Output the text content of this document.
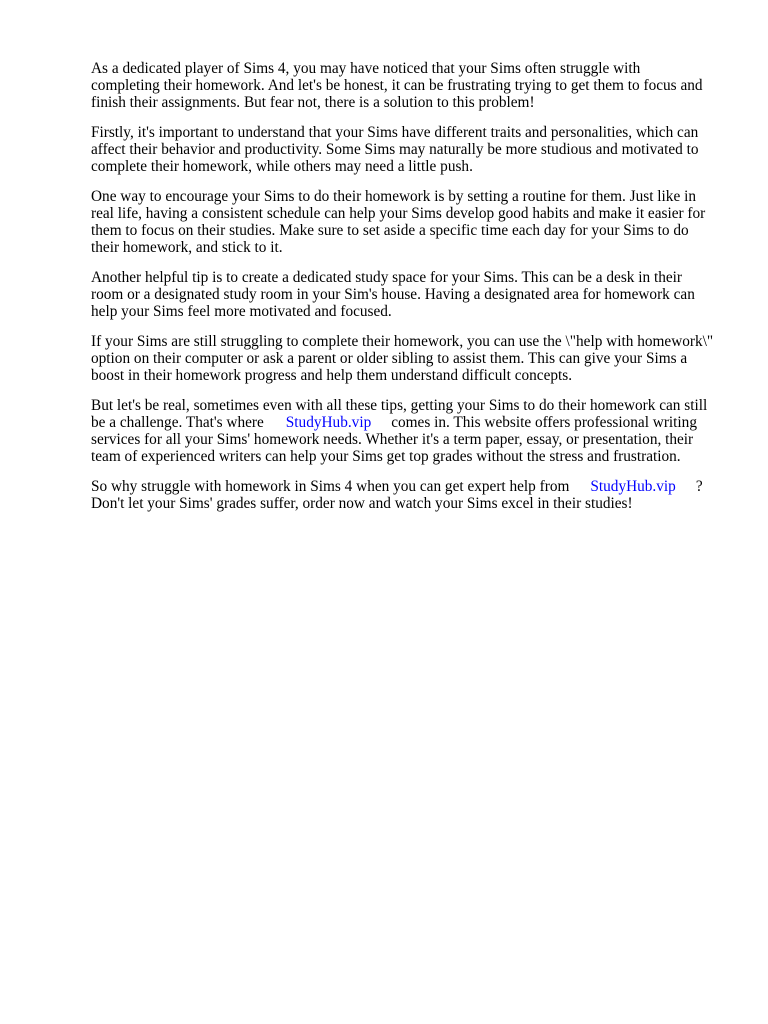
As a dedicated player of Sims 4, you may have noticed that your Sims often struggle with
completing their homework. And let's be honest, it can be frustrating trying to get them to focus and
finish their assignments. But fear not, there is a solution to this problem!

Firstly, it's important to understand that your Sims have different traits and personalities, which can
affect their behavior and productivity. Some Sims may naturally be more studious and motivated to
complete their homework, while others may need a little push.

One way to encourage your Sims to do their homework is by setting a routine for them. Just like in
real life, having a consistent schedule can help your Sims develop good habits and make it easier for
them to focus on their studies. Make sure to set aside a specific time each day for your Sims to do
their homework, and stick to it.

Another helpful tip is to create a dedicated study space for your Sims. This can be a desk in their
room or a designated study room in your Sim's house. Having a designated area for homework can
help your Sims feel more motivated and focused.

If your Sims are still struggling to complete their homework, you can use the \"help with homework\"
option on their computer or ask a parent or older sibling to assist them. This can give your Sims a
boost in their homework progress and help them understand difficult concepts.

But let's be real, sometimes even with all these tips, getting your Sims to do their homework can still
be a challenge. That's where StudyHub.vip comes in. This website offers professional writing
services for all your Sims' homework needs. Whether it's a term paper, essay, or presentation, their
team of experienced writers can help your Sims get top grades without the stress and frustration.

So why struggle with homework in Sims 4 when you can get expert help from StudyHub.vip ?
Don't let your Sims' grades suffer, order now and watch your Sims excel in their studies!
